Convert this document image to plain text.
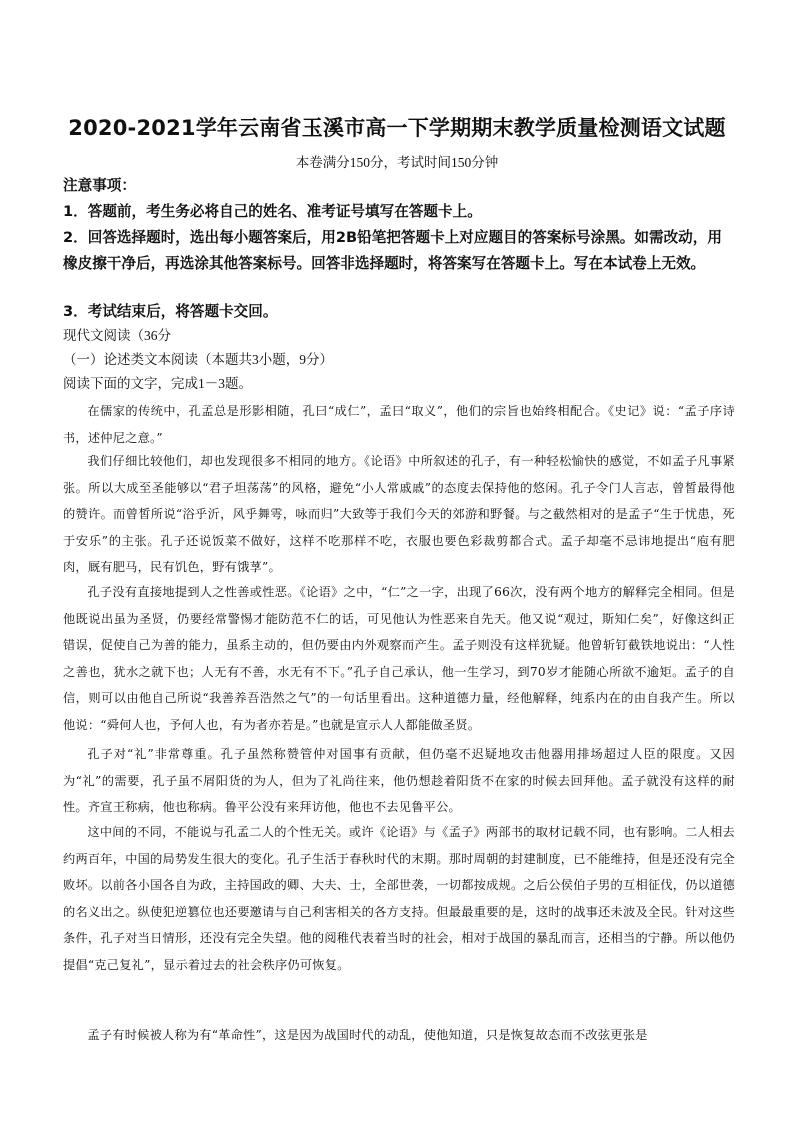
2020-2021学年云南省玉溪市高一下学期期末教学质量检测语文试题
本卷满分150分，考试时间150分钟
注意事项：

1．答题前，考生务必将自己的姓名、准考证号填写在答题卡上。

2．回答选择题时，选出每小题答案后，用2B铅笔把答题卡上对应题目的答案标号涂黑。如需改动，用橡皮擦干净后，再选涂其他答案标号。回答非选择题时，将答案写在答题卡上。写在本试卷上无效。

3．考试结束后，将答题卡交回。

现代文阅读（36分
（一）论述类文本阅读（本题共3小题，9分）
阅读下面的文字，完成1－3题。

在儒家的传统中，孔孟总是形影相随，孔曰“成仁”，孟曰“取义”，他们的宗旨也始终相配合。《史记》说：“孟子序诗书，述仲尼之意。”

我们仔细比较他们，却也发现很多不相同的地方。《论语》中所叙述的孔子，有一种轻松愉快的感觉，不如孟子凡事紧张。所以大成至圣能够以“君子坦荡荡”的风格，避免“小人常戚戚”的态度去保持他的悠闲。孔子令门人言志，曾皙最得他的赞许。而曾皙所说“浴乎沂，风乎舞雩，咏而归”大致等于我们今天的郊游和野餐。与之截然相对的是孟子“生于忧患，死于安乐”的主张。孔子还说饭菜不做好，这样不吃那样不吃，衣服也要色彩裁剪都合式。孟子却毫不忌讳地提出“庖有肥肉，厩有肥马，民有饥色，野有饿莩”。

孔子没有直接地提到人之性善或性恶。《论语》之中，“仁”之一字，出现了66次，没有两个地方的解释完全相同。但是他既说出虽为圣贤，仍要经常警惕才能防范不仁的话，可见他认为性恶来自先天。他又说“观过，斯知仁矣”，好像这纠正错误，促使自己为善的能力，虽系主动的，但仍要由内外观察而产生。孟子则没有这样犹疑。他曾斩钉截铁地说出：“人性之善也，犹水之就下也；人无有不善，水无有不下。”孔子自己承认，他一生学习，到70岁才能随心所欲不逾矩。孟子的自信，则可以由他自己所说“我善养吾浩然之气”的一句话里看出。这种道德力量，经他解释，纯系内在的由自我产生。所以他说：“舜何人也，予何人也，有为者亦若是。”也就是宣示人人都能做圣贤。

孔子对“礼”非常尊重。孔子虽然称赞管仲对国事有贡献，但仍毫不迟疑地攻击他器用排场超过人臣的限度。又因为“礼”的需要，孔子虽不屑阳货的为人，但为了礼尚往来，他仍想趁着阳货不在家的时候去回拜他。孟子就没有这样的耐性。齐宣王称病，他也称病。鲁平公没有来拜访他，他也不去见鲁平公。

这中间的不同，不能说与孔孟二人的个性无关。或许《论语》与《孟子》两部书的取材记载不同，也有影响。二人相去约两百年，中国的局势发生很大的变化。孔子生活于春秋时代的末期。那时周朝的封建制度，已不能维持，但是还没有完全败坏。以前各小国各自为政，主持国政的卿、大夫、士，全部世袭，一切都按成规。之后公侯伯子男的互相征伐，仍以道德的名义出之。纵使犯逆篡位也还要邀请与自己利害相关的各方支持。但最最重要的是，这时的战事还未波及全民。针对这些条件，孔子对当日情形，还没有完全失望。他的阅稚代表着当时的社会，相对于战国的暴乱而言，还相当的宁静。所以他仍提倡“克己复礼”，显示着过去的社会秩序仍可恢复。

孟子有时候被人称为有“革命性”，这是因为战国时代的动乱，使他知道，只是恢复故态而不改弦更张是
